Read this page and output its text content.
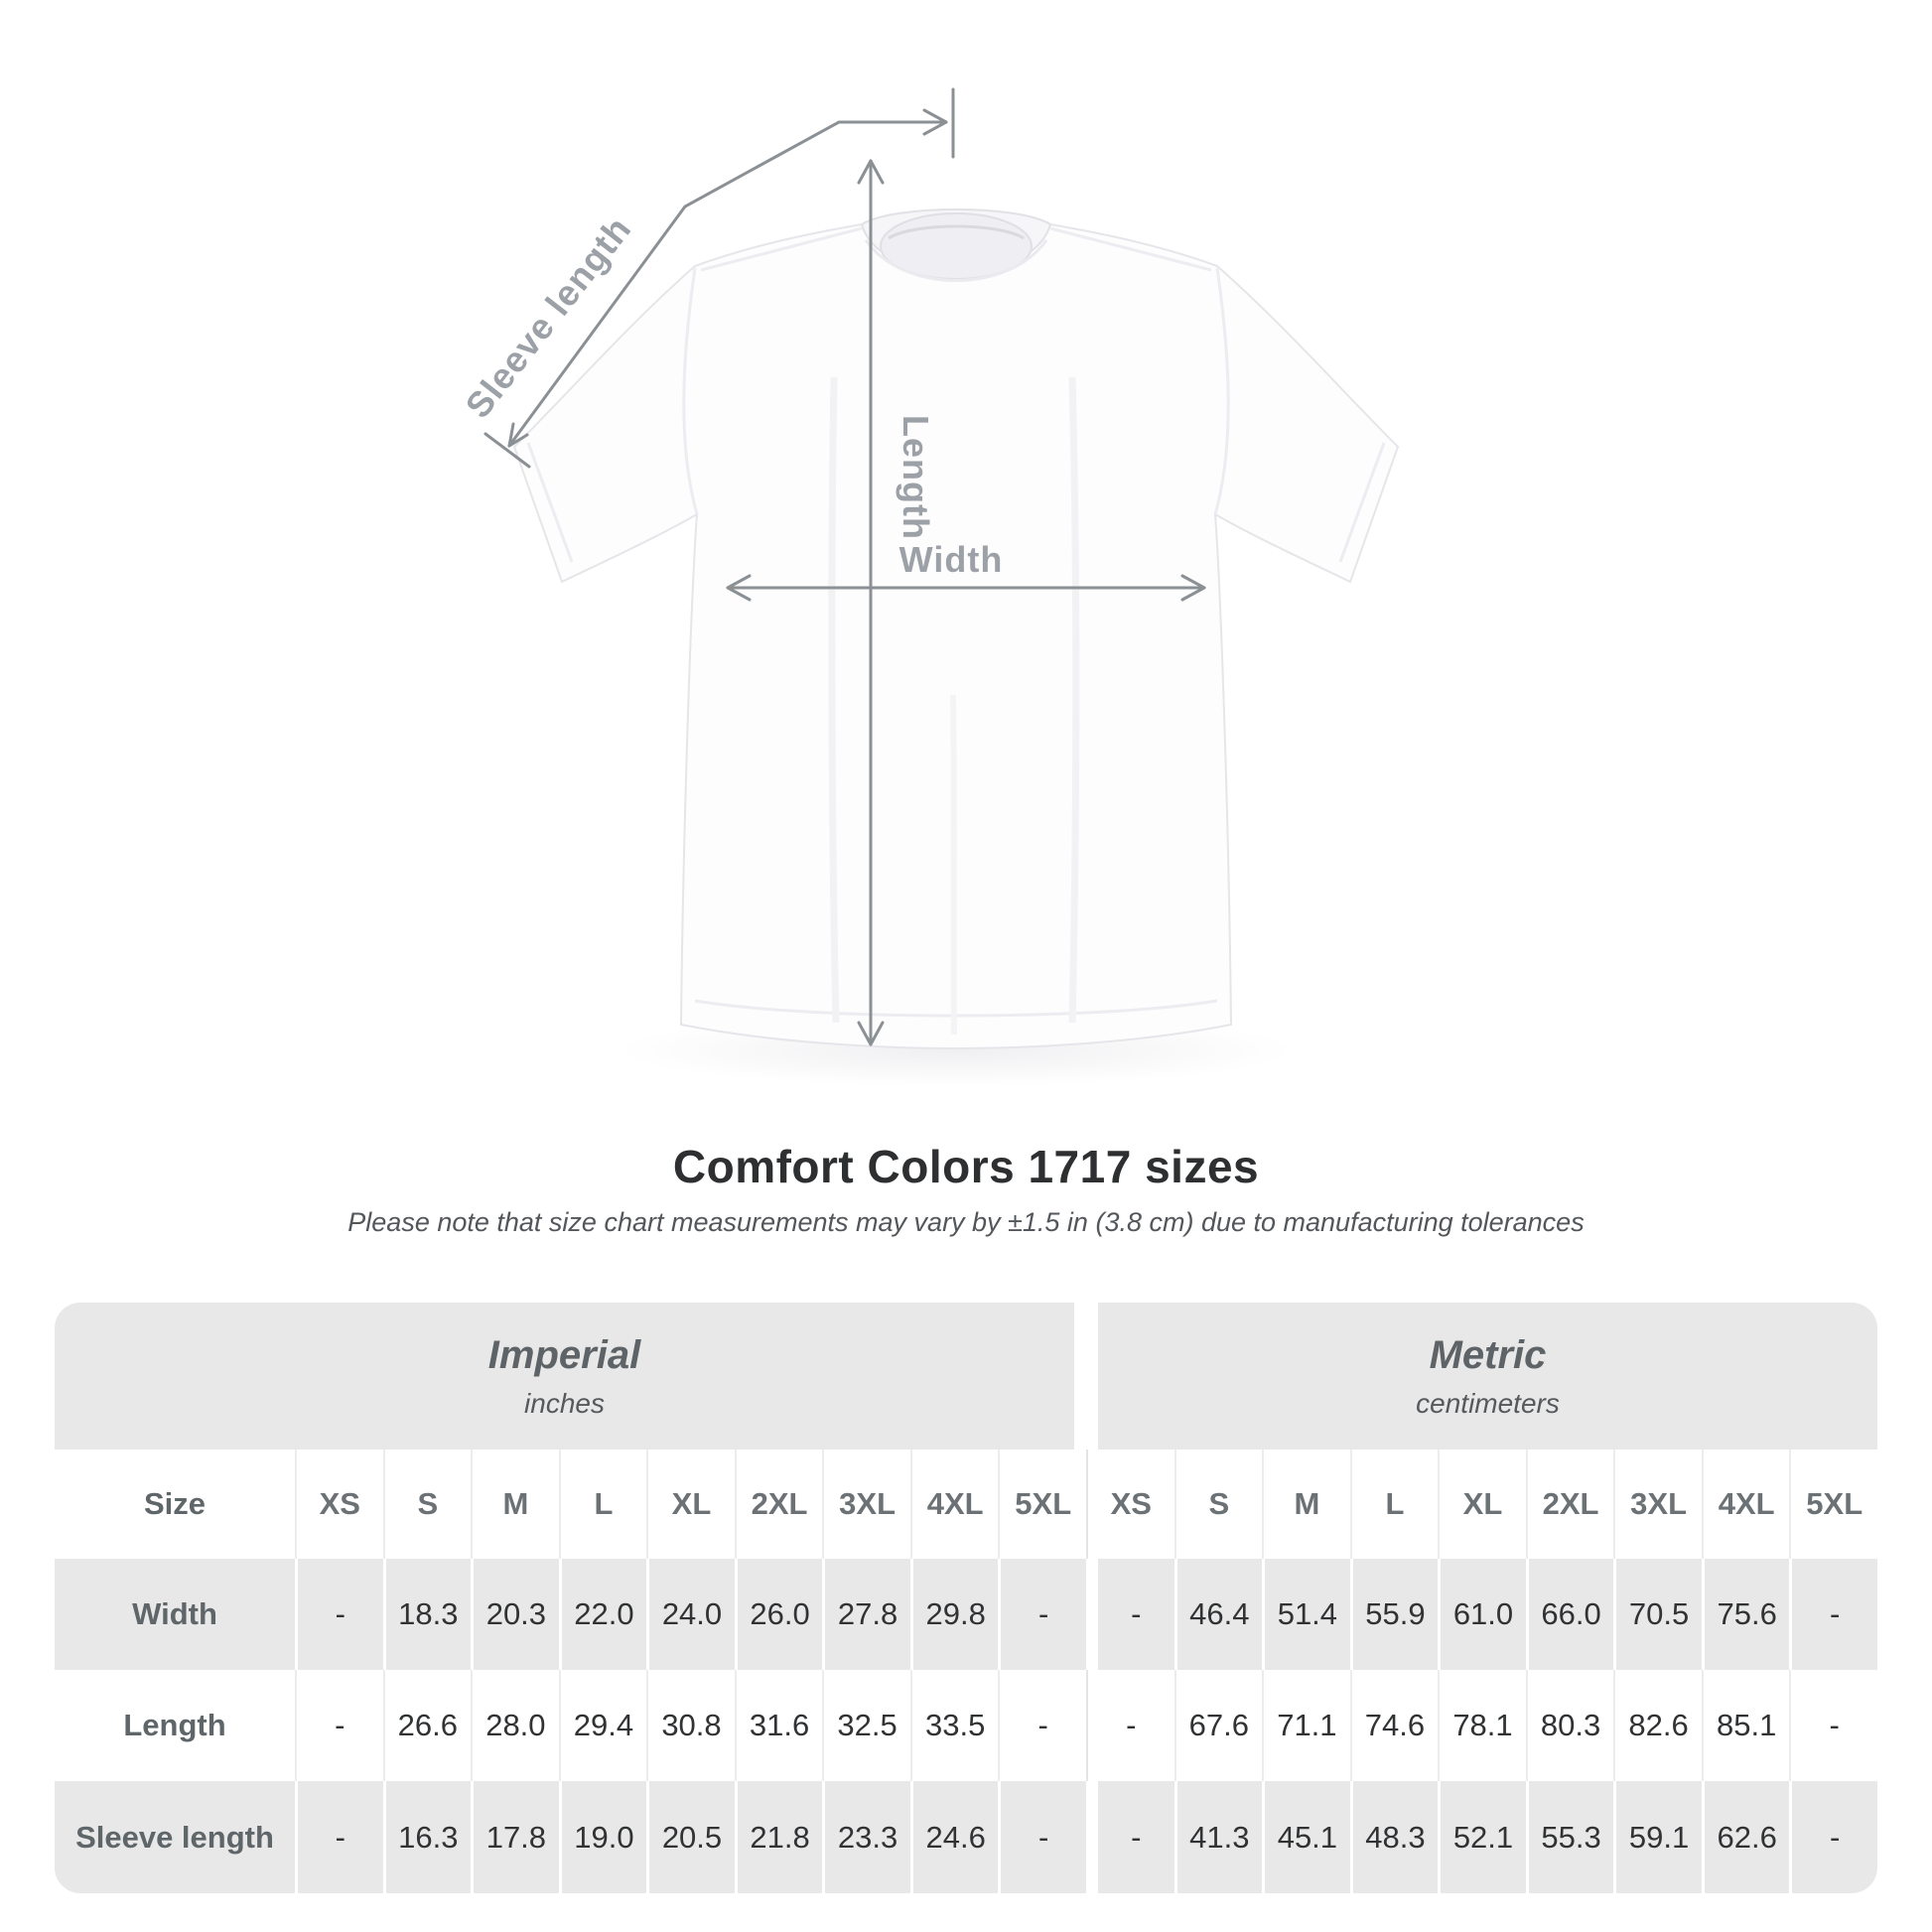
Sleeve length
Length
Width
Comfort Colors 1717 sizes
Please note that size chart measurements may vary by ±1.5 in (3.8 cm) due to manufacturing tolerances
Imperial
inches
Metric
centimeters
Size	XS	S	M	L	XL	2XL	3XL	4XL	5XL	XS	S	M	L	XL	2XL	3XL	4XL	5XL
Width	-	18.3 20.3 22.0 24.0 26.0 27.8 29.8	-	-	46.4 51.4 55.9 61.0 66.0 70.5 75.6	-
Length	-	26.6 28.0 29.4 30.8 31.6 32.5 33.5	-	-	67.6 71.1 74.6 78.1 80.3 82.6 85.1	-
Sleeve length	-	16.3 17.8 19.0 20.5 21.8 23.3 24.6	-	-	41.3 45.1 48.3 52.1 55.3 59.1 62.6	-
